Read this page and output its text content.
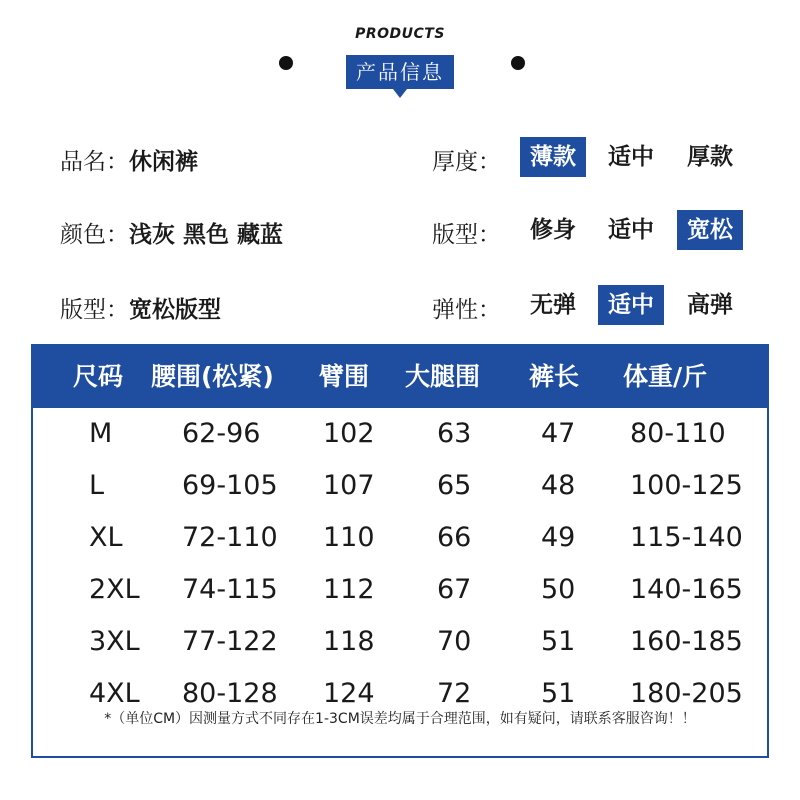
PRODUCTS
产品信息
品名：休闲裤	厚度：	薄款	适中	厚款
颜色：浅灰 黑色 藏蓝	版型：	修身	适中	宽松
版型：宽松版型	弹性：	无弹	适中	高弹
尺码 腰围(松紧) 臂围 大腿围 裤长 体重/斤
M	62-96 102 63	47 80-110
L	69-105 107 65	48 100-125
XL 72-110 110 66	49 115-140
2XL 74-115 112 67	50 140-165
3XL 77-122 118 70	51 160-185
4XL 80-128 124 72	51 180-205
*（单位CM）因测量方式不同存在1-3CM误差均属于合理范围，如有疑问，请联系客服咨询！！
